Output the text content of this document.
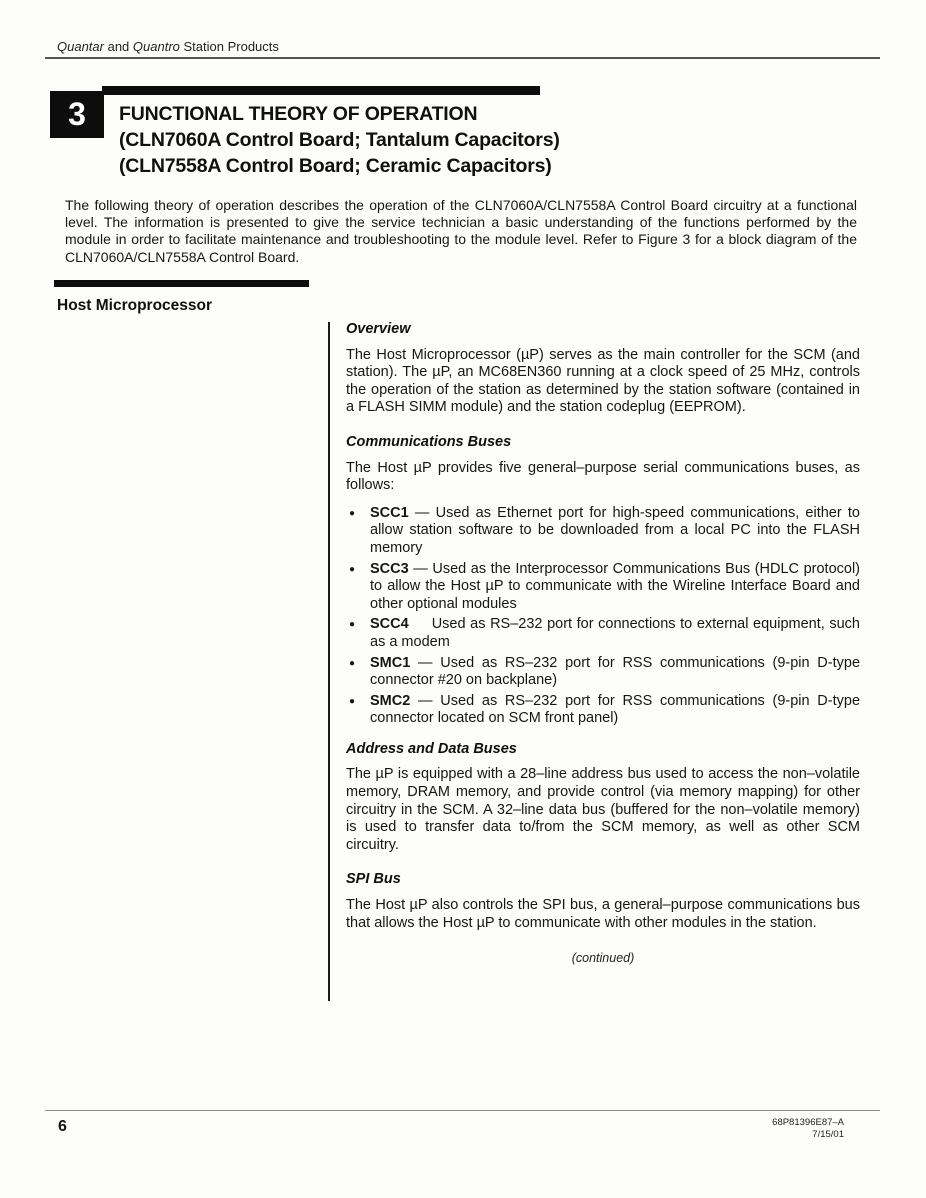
Quantar and Quantro Station Products
3 FUNCTIONAL THEORY OF OPERATION
(CLN7060A Control Board; Tantalum Capacitors)
(CLN7558A Control Board; Ceramic Capacitors)
The following theory of operation describes the operation of the CLN7060A/CLN7558A Control Board circuitry at a functional level. The information is presented to give the service technician a basic understanding of the functions performed by the module in order to facilitate maintenance and troubleshooting to the module level. Refer to Figure 3 for a block diagram of the CLN7060A/CLN7558A Control Board.
Host Microprocessor
Overview
The Host Microprocessor (µP) serves as the main controller for the SCM (and station). The µP, an MC68EN360 running at a clock speed of 25 MHz, controls the operation of the station as determined by the station software (contained in a FLASH SIMM module) and the station codeplug (EEPROM).
Communications Buses
The Host µP provides five general–purpose serial communications buses, as follows:
●	SCC1 — Used as Ethernet port for high-speed communications, either to allow station software to be downloaded from a local PC into the FLASH memory
●	SCC3 — Used as the Interprocessor Communications Bus (HDLC protocol) to allow the Host µP to communicate with the Wireline Interface Board and other optional modules
●	SCC4 Used as RS–232 port for connections to external equipment, such as a modem
●	SMC1 — Used as RS–232 port for RSS communications (9-pin D-type connector #20 on backplane)
●	SMC2 — Used as RS–232 port for RSS communications (9-pin D-type connector located on SCM front panel)
Address and Data Buses
The µP is equipped with a 28–line address bus used to access the non–volatile memory, DRAM memory, and provide control (via memory mapping) for other circuitry in the SCM. A 32–line data bus (buffered for the non–volatile memory) is used to transfer data to/from the SCM memory, as well as other SCM circuitry.
SPI Bus
The Host µP also controls the SPI bus, a general–purpose communications bus that allows the Host µP to communicate with other modules in the station.
(continued)
6	68P81396E87–A
7/15/01
